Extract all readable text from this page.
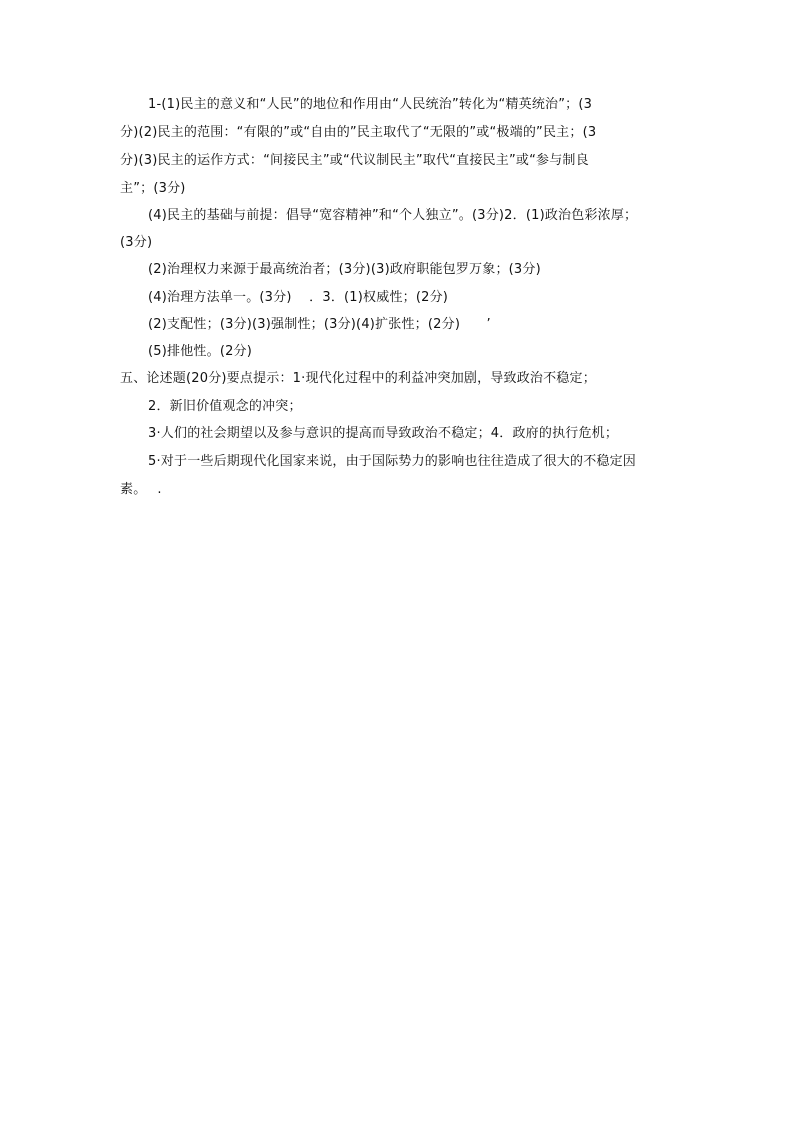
1-(1)民主的意义和“人民”的地位和作用由“人民统治”转化为“精英统治”；(3
分)(2)民主的范围：“有限的”或“自由的”民主取代了“无限的”或“极端的”民主；(3
分)(3)民主的运作方式：“间接民主”或“代议制民主”取代“直接民主”或“参与制良
主”；(3分)
(4)民主的基础与前提：倡导“宽容精神”和“个人独立”。(3分)2．(1)政治色彩浓厚；
(3分)
(2)治理权力来源于最高统治者；(3分)(3)政府职能包罗万象；(3分)
(4)治理方法单一。(3分)　 ．3．(1)权威性；(2分)
(2)支配性；(3分)(3)强制性；(3分)(4)扩张性；(2分)　　’
(5)排他性。(2分)
五、论述题(20分)要点提示：1·现代化过程中的利益冲突加剧，导致政治不稳定；
2．新旧价值观念的冲突；
3·人们的社会期望以及参与意识的提高而导致政治不稳定；4．政府的执行危机；
5·对于一些后期现代化国家来说，由于国际势力的影响也往往造成了很大的不稳定因
素。　 .
